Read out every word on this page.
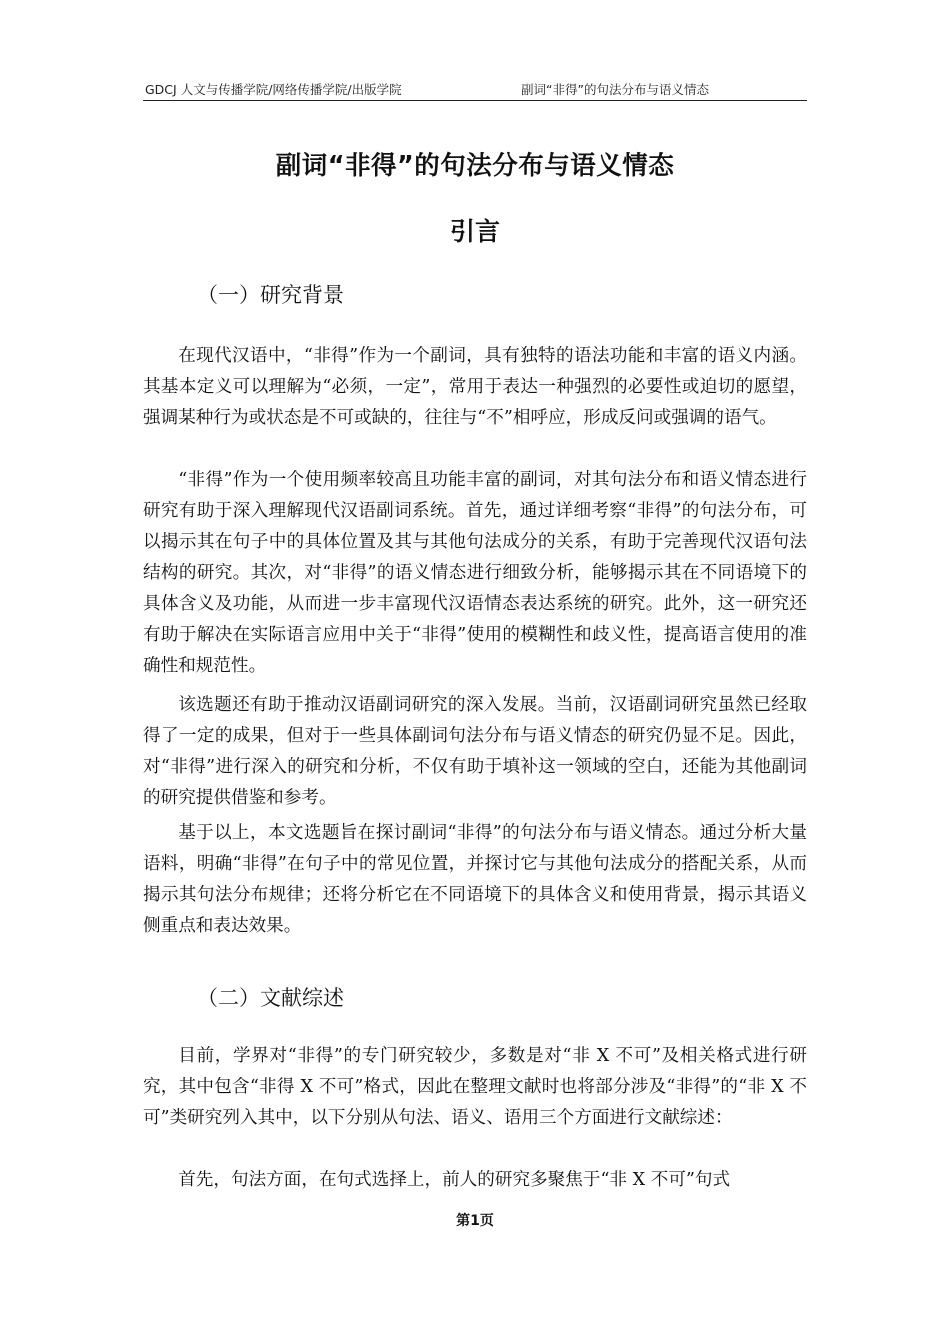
GDCJ 人文与传播学院/网络传播学院/出版学院	副词“非得”的句法分布与语义情态
副词“非得”的句法分布与语义情态
引言
（一）研究背景

在现代汉语中，“非得”作为一个副词，具有独特的语法功能和丰富的语义内涵。其基本定义可以理解为“必须，一定”，常用于表达一种强烈的必要性或迫切的愿望，强调某种行为或状态是不可或缺的，往往与“不”相呼应，形成反问或强调的语气。

“非得”作为一个使用频率较高且功能丰富的副词，对其句法分布和语义情态进行研究有助于深入理解现代汉语副词系统。首先，通过详细考察“非得”的句法分布，可以揭示其在句子中的具体位置及其与其他句法成分的关系，有助于完善现代汉语句法结构的研究。其次，对“非得”的语义情态进行细致分析，能够揭示其在不同语境下的具体含义及功能，从而进一步丰富现代汉语情态表达系统的研究。此外，这一研究还有助于解决在实际语言应用中关于“非得”使用的模糊性和歧义性，提高语言使用的准确性和规范性。

该选题还有助于推动汉语副词研究的深入发展。当前，汉语副词研究虽然已经取得了一定的成果，但对于一些具体副词句法分布与语义情态的研究仍显不足。因此，对“非得”进行深入的研究和分析，不仅有助于填补这一领域的空白，还能为其他副词的研究提供借鉴和参考。

基于以上，本文选题旨在探讨副词“非得”的句法分布与语义情态。通过分析大量语料，明确“非得”在句子中的常见位置，并探讨它与其他句法成分的搭配关系，从而揭示其句法分布规律；还将分析它在不同语境下的具体含义和使用背景，揭示其语义侧重点和表达效果。

（二）文献综述

目前，学界对“非得”的专门研究较少，多数是对“非 X 不可”及相关格式进行研究，其中包含“非得 X 不可”格式，因此在整理文献时也将部分涉及“非得”的“非 X 不可”类研究列入其中，以下分别从句法、语义、语用三个方面进行文献综述：

首先，句法方面，在句式选择上，前人的研究多聚焦于“非 X 不可”句式

第1页
